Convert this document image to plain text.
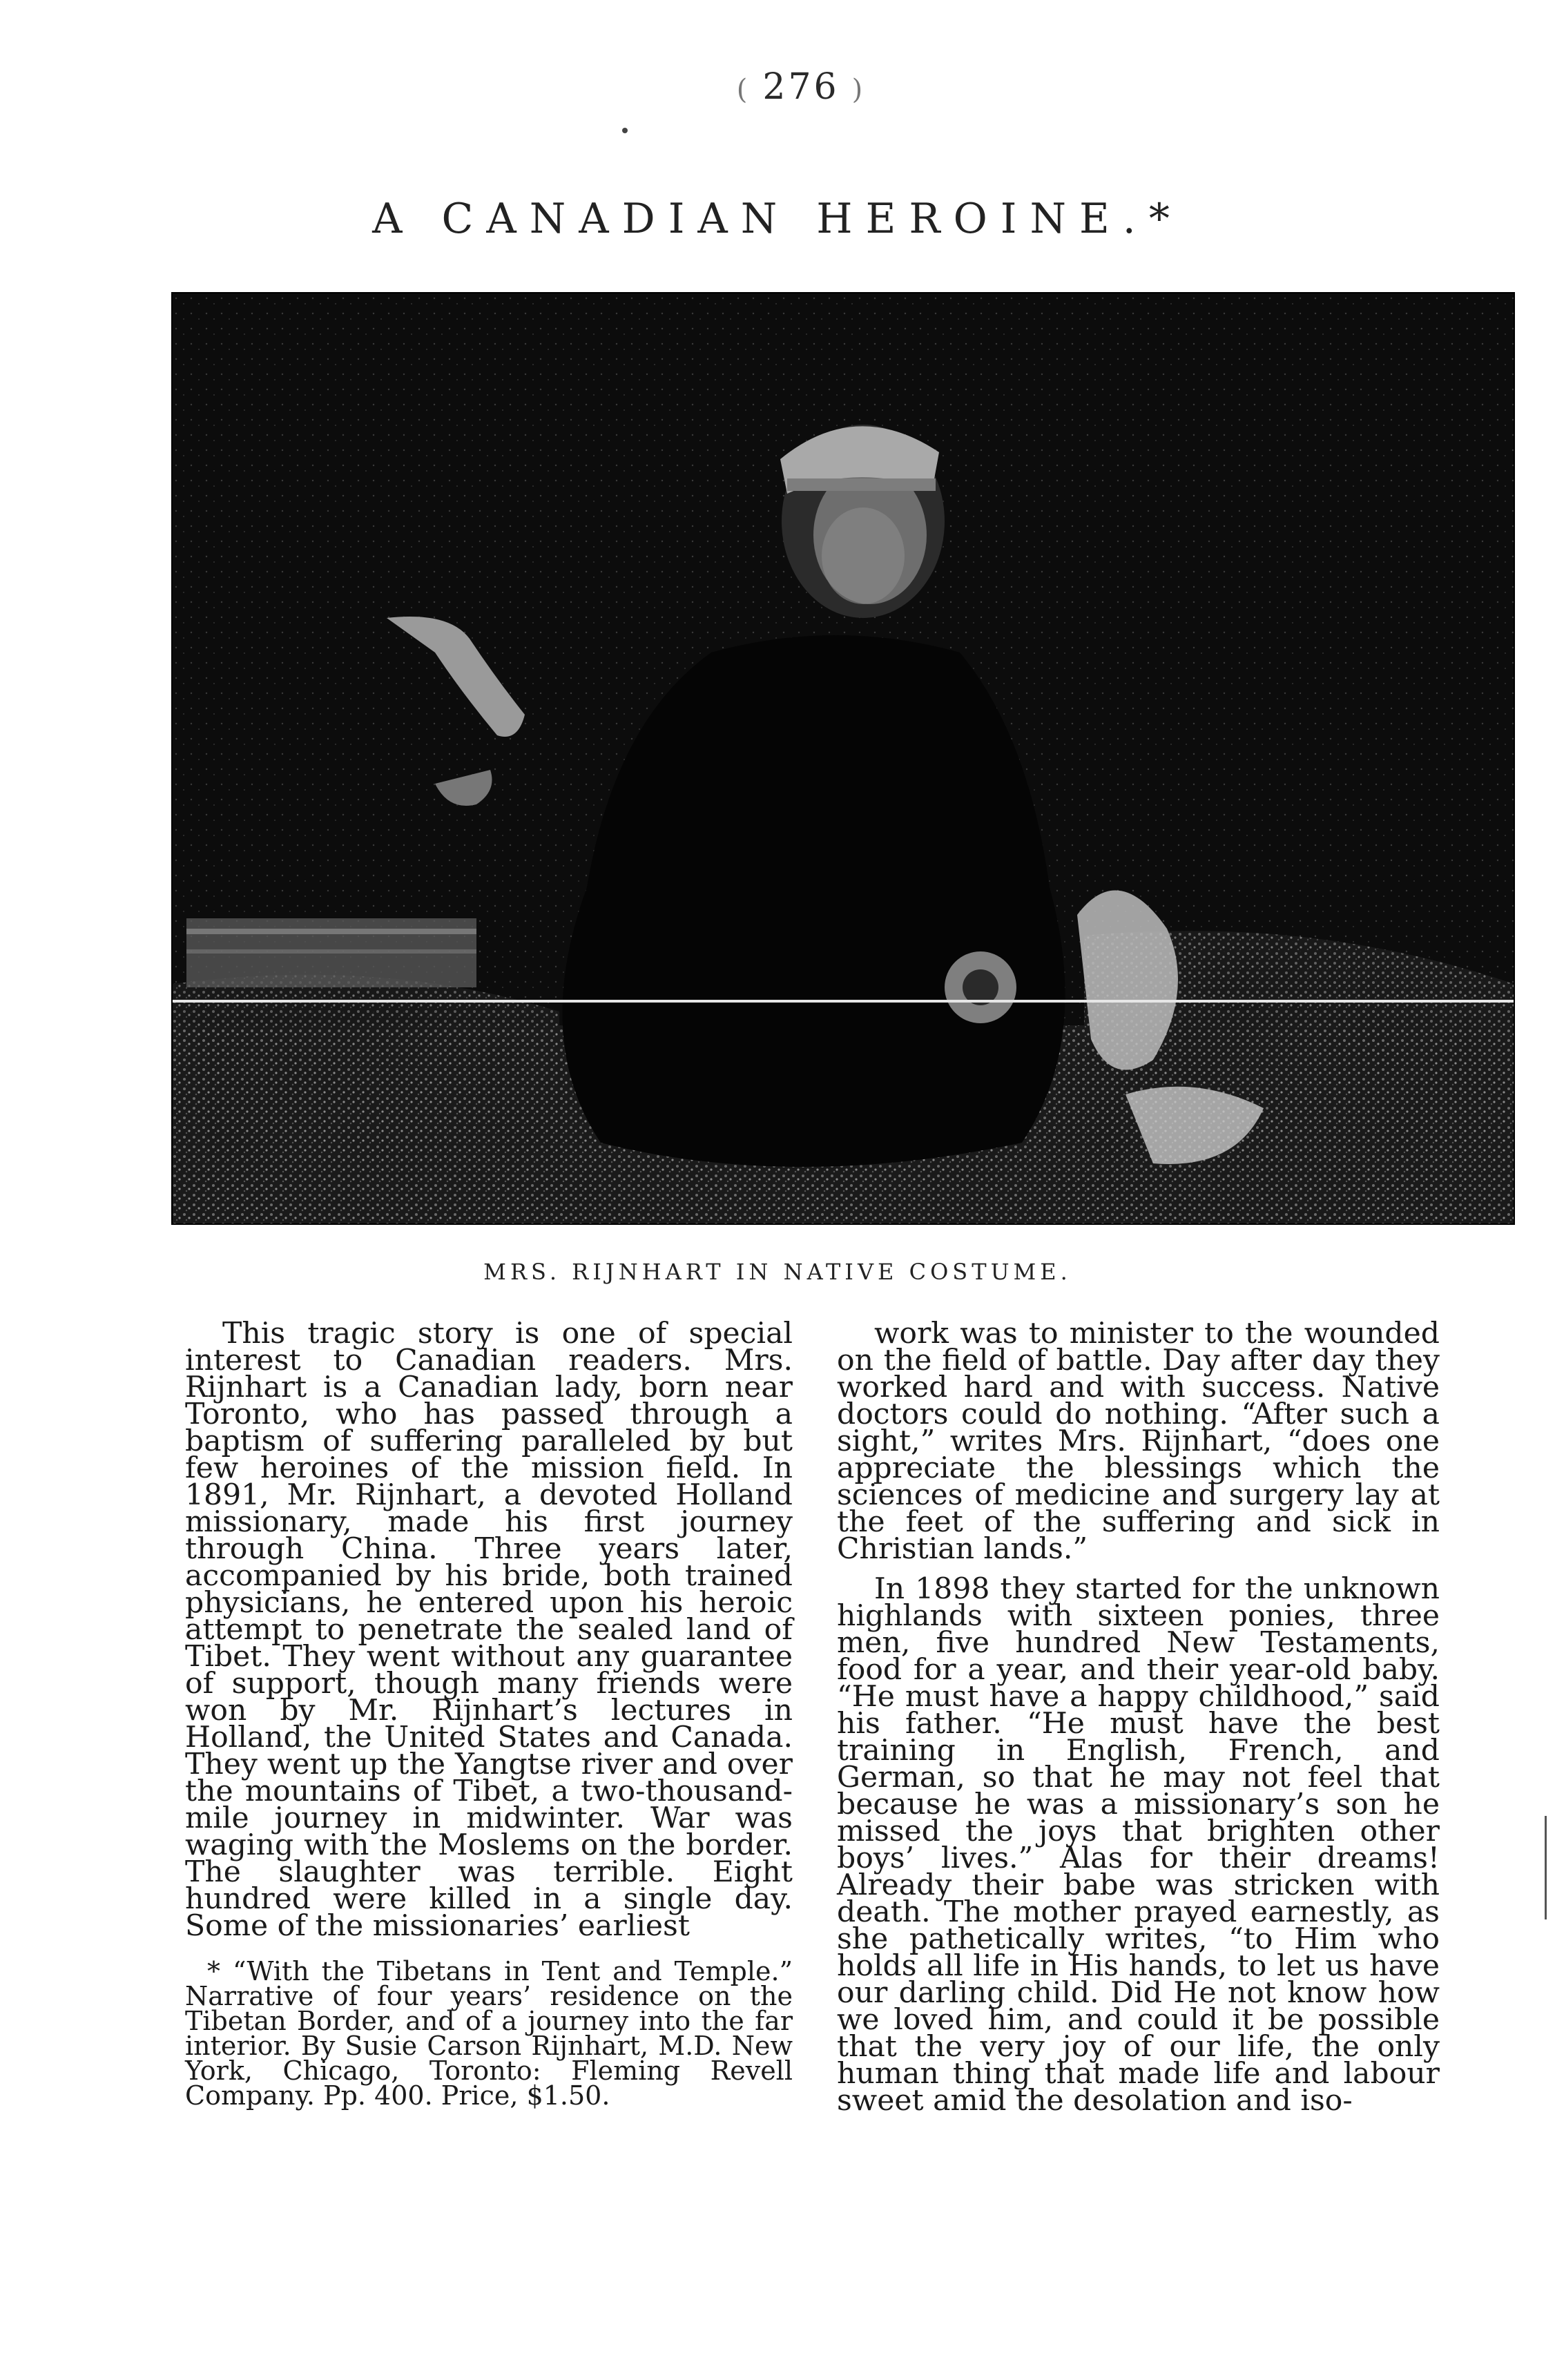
( 276 )
A CANADIAN HEROINE.*
MRS. RIJNHART IN NATIVE COSTUME.

This tragic story is one of special interest to Canadian readers. Mrs. Rijnhart is a Canadian lady, born near Toronto, who has passed through a baptism of suffering paralleled by but few heroines of the mission field. In 1891, Mr. Rijnhart, a devoted Holland missionary, made his first journey through China. Three years later, accompanied by his bride, both trained physicians, he entered upon his heroic attempt to penetrate the sealed land of Tibet. They went without any guarantee of support, though many friends were won by Mr. Rijnhart’s lectures in Holland, the United States and Canada. They went up the Yangtse river and over the mountains of Tibet, a two-thousand-mile journey in midwinter. War was waging with the Moslems on the border. The slaughter was terrible. Eight hundred were killed in a single day. Some of the missionaries’ earliest

* “With the Tibetans in Tent and Temple.” Narrative of four years’ residence on the Tibetan Border, and of a journey into the far interior. By Susie Carson Rijnhart, M.D. New York, Chicago, Toronto: Fleming Revell Company. Pp. 400. Price, $1.50.

work was to minister to the wounded on the field of battle. Day after day they worked hard and with success. Native doctors could do nothing. “After such a sight,” writes Mrs. Rijnhart, “does one appreciate the blessings which the sciences of medicine and surgery lay at the feet of the suffering and sick in Christian lands.”

In 1898 they started for the unknown highlands with sixteen ponies, three men, five hundred New Testaments, food for a year, and their year-old baby. “He must have a happy childhood,” said his father. “He must have the best training in English, French, and German, so that he may not feel that because he was a missionary’s son he missed the joys that brighten other boys’ lives.” Alas for their dreams! Already their babe was stricken with death. The mother prayed earnestly, as she pathetically writes, “to Him who holds all life in His hands, to let us have our darling child. Did He not know how we loved him, and could it be possible that the very joy of our life, the only human thing that made life and labour sweet amid the desolation and iso-
